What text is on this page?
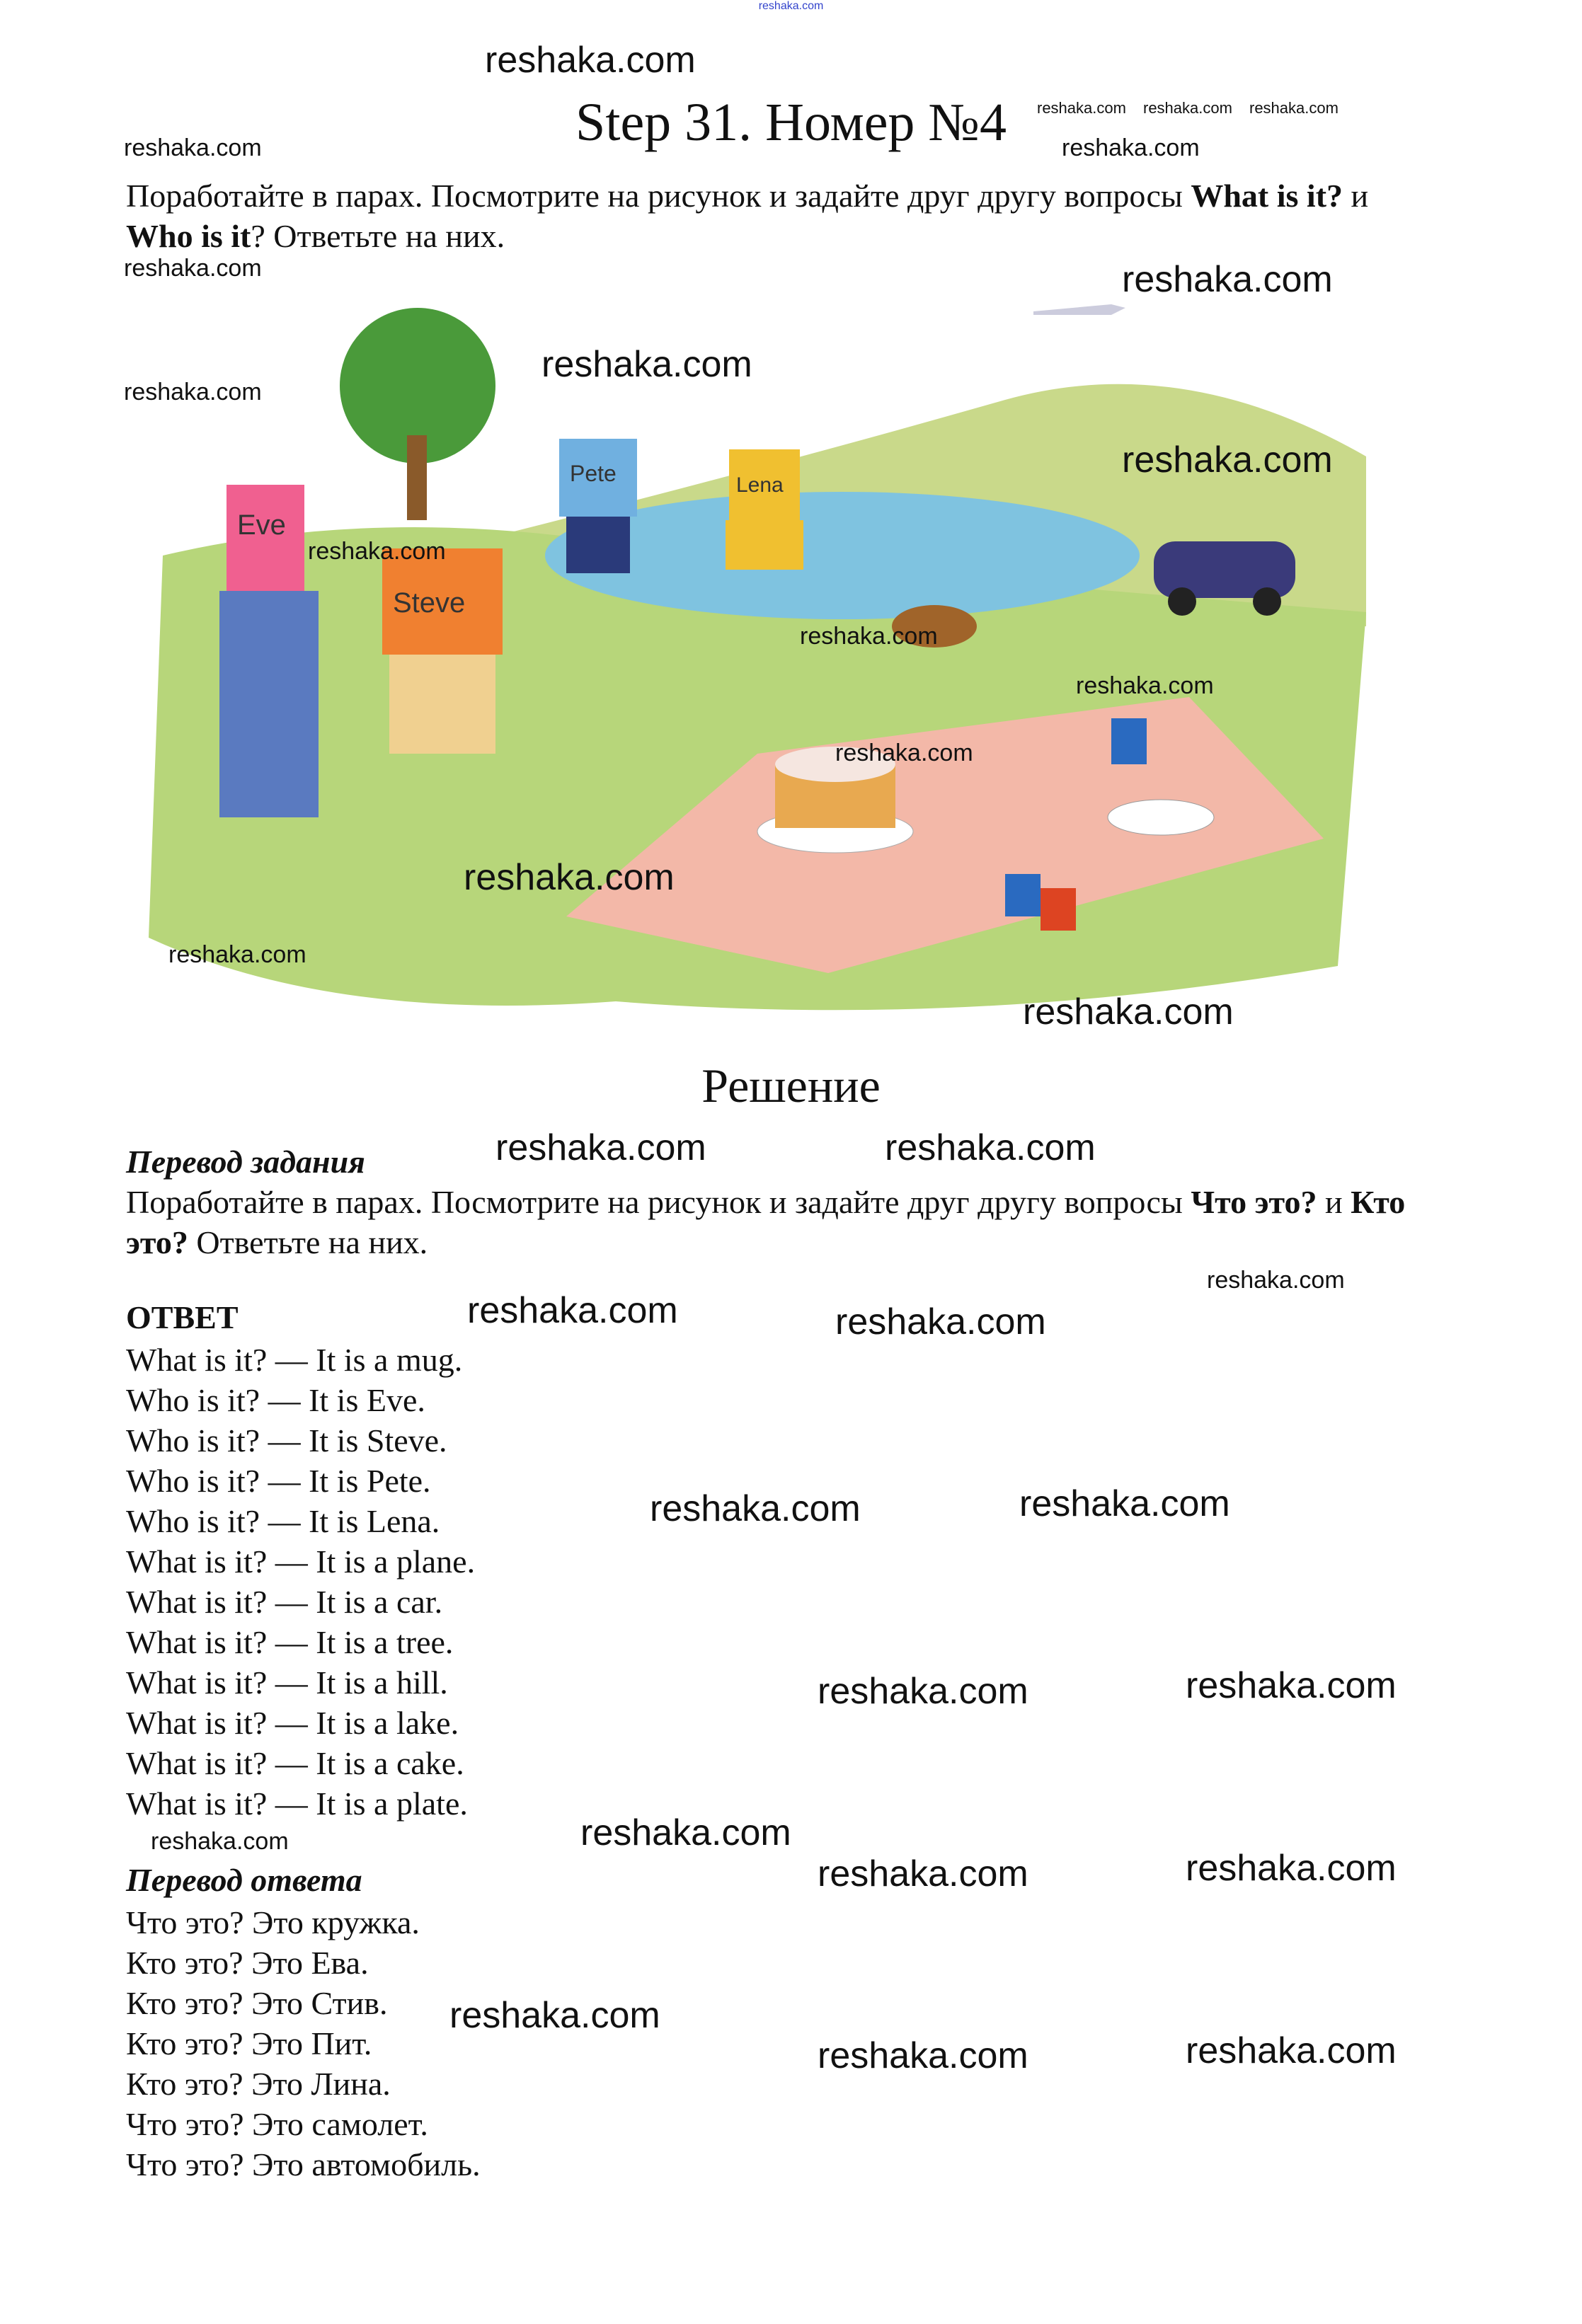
reshaka.com
Step 31. Номер №4
Поработайте в парах. Посмотрите на рисунок и задайте друг другу вопросы What is it? и Who is it? Ответьте на них.
Eve
Steve
Pete	Lena
Решение
Перевод задания
Поработайте в парах. Посмотрите на рисунок и задайте друг другу вопросы Что это? и Кто это? Ответьте на них.
ОТВЕТ
What is it? — It is a mug.
Who is it? — It is Eve.
Who is it? — It is Steve.
Who is it? — It is Pete.
Who is it? — It is Lena.
What is it? — It is a plane.
What is it? — It is a car.
What is it? — It is a tree.
What is it? — It is a hill.
What is it? — It is a lake.
What is it? — It is a cake.
What is it? — It is a plate.
Перевод ответа
Что это? Это кружка.
Кто это? Это Ева.
Кто это? Это Стив.
Кто это? Это Пит.
Кто это? Это Лина.
Что это? Это самолет.
Что это? Это автомобиль.
reshaka.com reshaka.com reshaka.com
reshaka.com
reshaka.com
reshaka.com
reshaka.com	reshaka.com
reshaka.com
reshaka.com
reshaka.com
reshaka.com
reshaka.com
reshaka.com
reshaka.com
reshaka.com
reshaka.com
reshaka.com
reshaka.com	reshaka.com
reshaka.com
reshaka.com	reshaka.com
reshaka.com	reshaka.com
reshaka.com	reshaka.com
reshaka.com
reshaka.com
reshaka.com	reshaka.com
reshaka.com
reshaka.com	reshaka.com
